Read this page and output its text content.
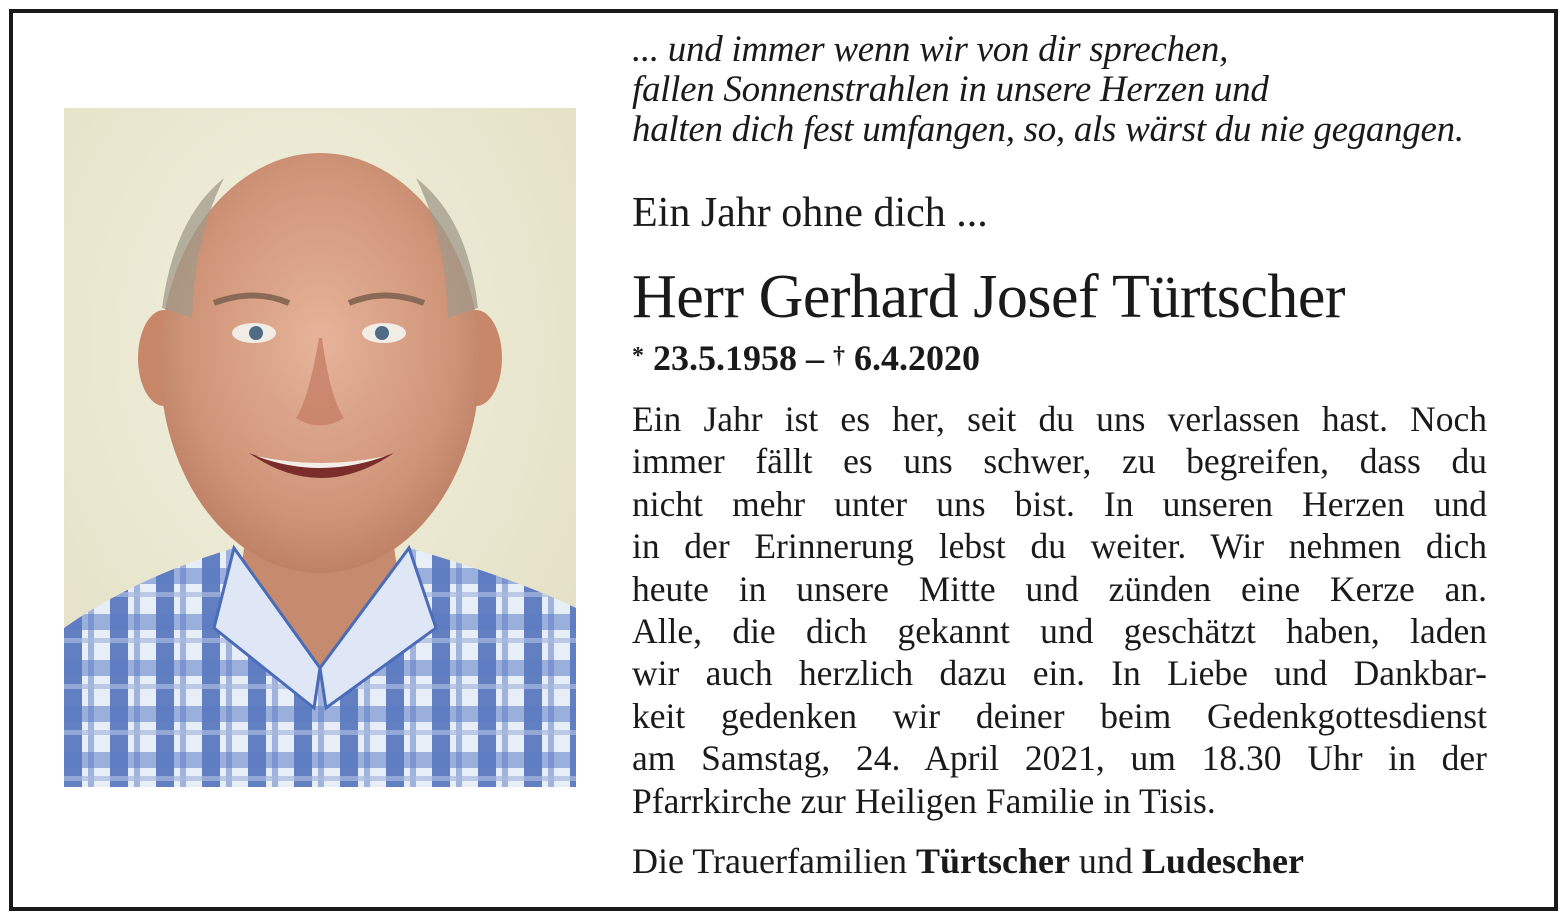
... und immer wenn wir von dir sprechen,
fallen Sonnenstrahlen in unsere Herzen und
halten dich fest umfangen, so, als wärst du nie gegangen.

Ein Jahr ohne dich ...

Herr Gerhard Josef Türtscher

* 23.5.1958 – † 6.4.2020

Ein Jahr ist es her, seit du uns verlassen hast. Noch
immer fällt es uns schwer, zu begreifen, dass du
nicht mehr unter uns bist. In unseren Herzen und
in der Erinnerung lebst du weiter. Wir nehmen dich
heute in unsere Mitte und zünden eine Kerze an.
Alle, die dich gekannt und geschätzt haben, laden
wir auch herzlich dazu ein. In Liebe und Dankbar-
keit gedenken wir deiner beim Gedenkgottesdienst
am Samstag, 24. April 2021, um 18.30 Uhr in der
Pfarrkirche zur Heiligen Familie in Tisis.

Die Trauerfamilien Türtscher und Ludescher
